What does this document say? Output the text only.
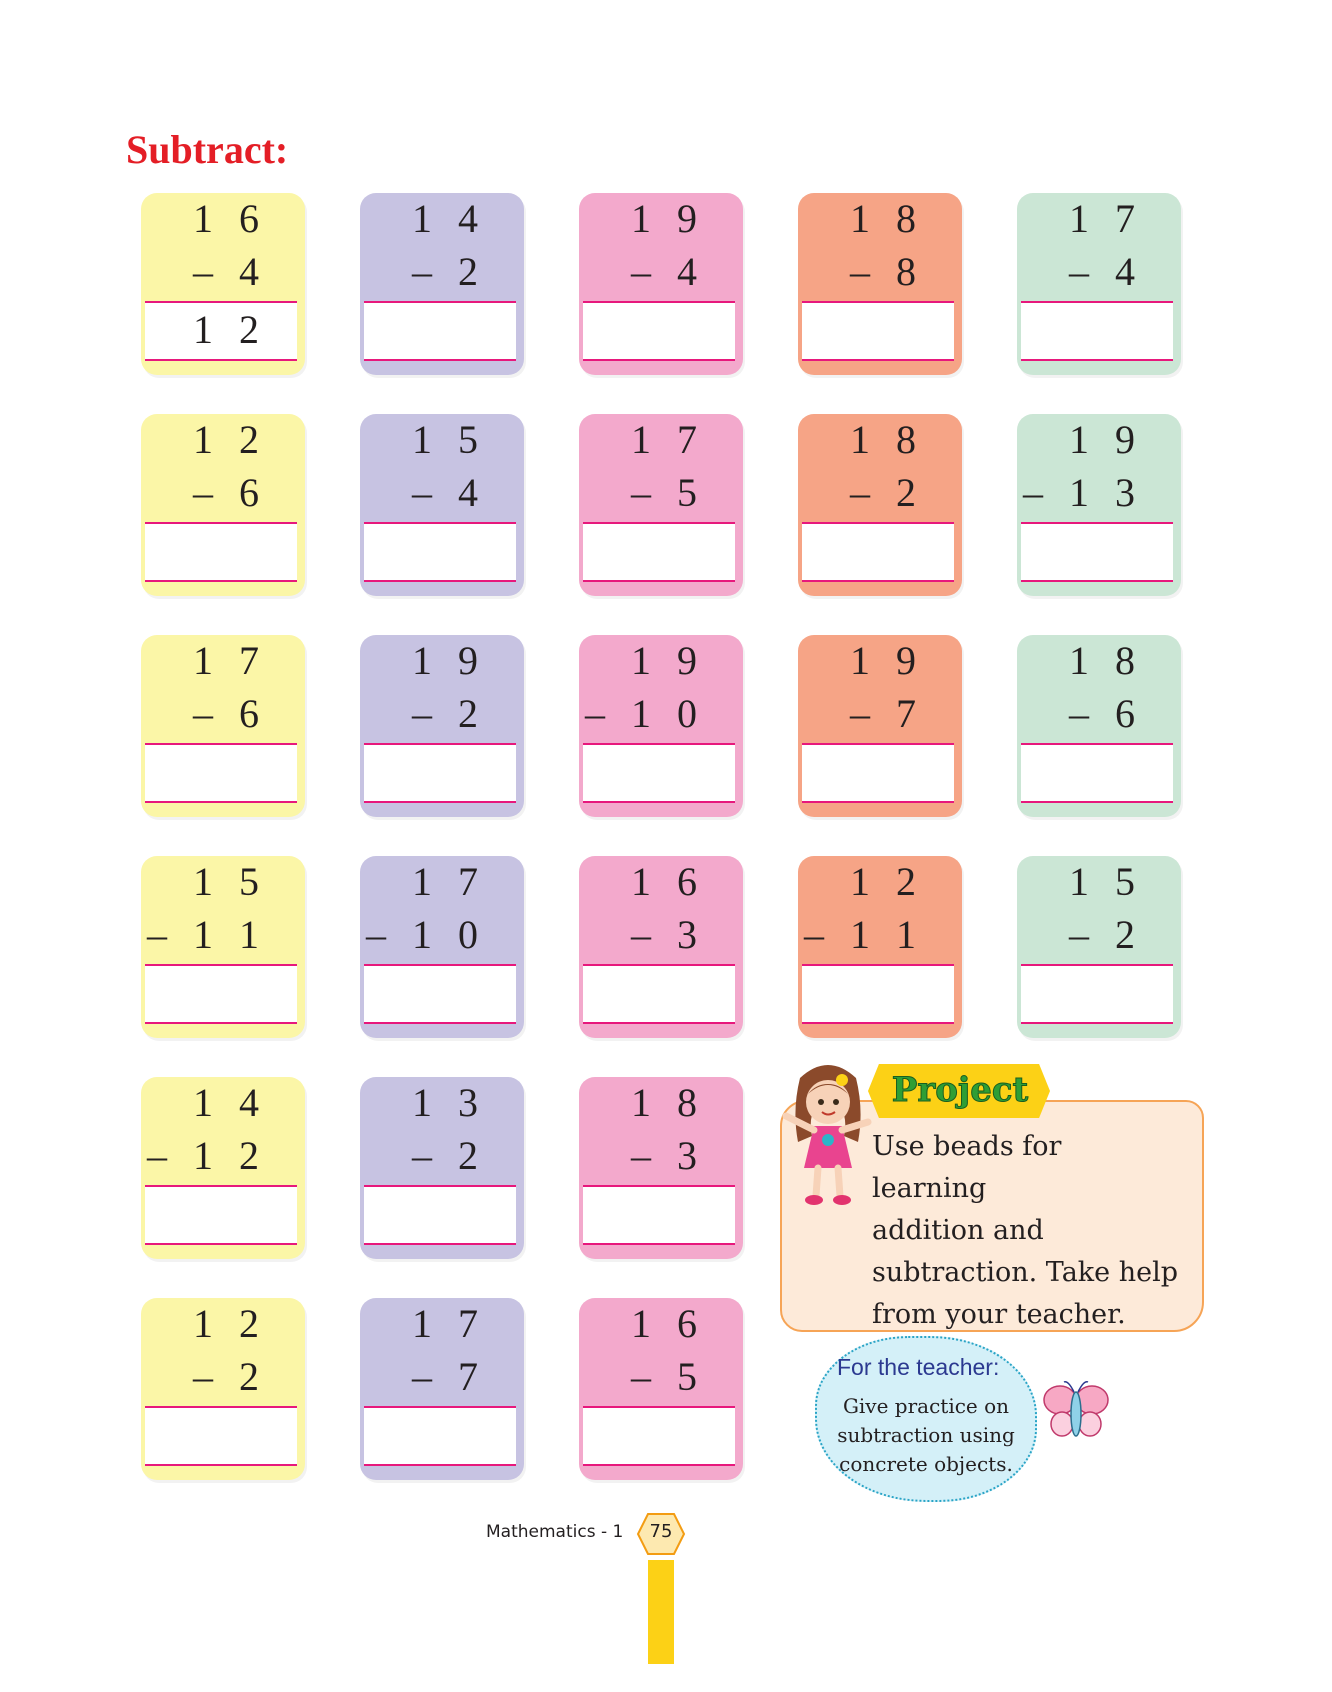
Subtract:
1 6
– 4
1 2
1 4
– 2
1 9
– 4
1 8
– 8
1 7
– 4
1 2
– 6
1 5
– 4
1 7
– 5
1 8
– 2
1 9
– 1 3
1 7
– 6
1 9
– 2
1 9
– 1 0
1 9
– 7
1 8
– 6
1 5
– 1 1
1 7
– 1 0
1 6
– 3
1 2
– 1 1
1 5
– 2
1 4
– 1 2
1 3
– 2
1 8
– 3
1 2
– 2
1 7
– 7
1 6
– 5
Project
Use beads for learning
addition and
subtraction. Take help
from your teacher.
For the teacher:
Give practice on
subtraction using
concrete objects.
Mathematics - 1	75
